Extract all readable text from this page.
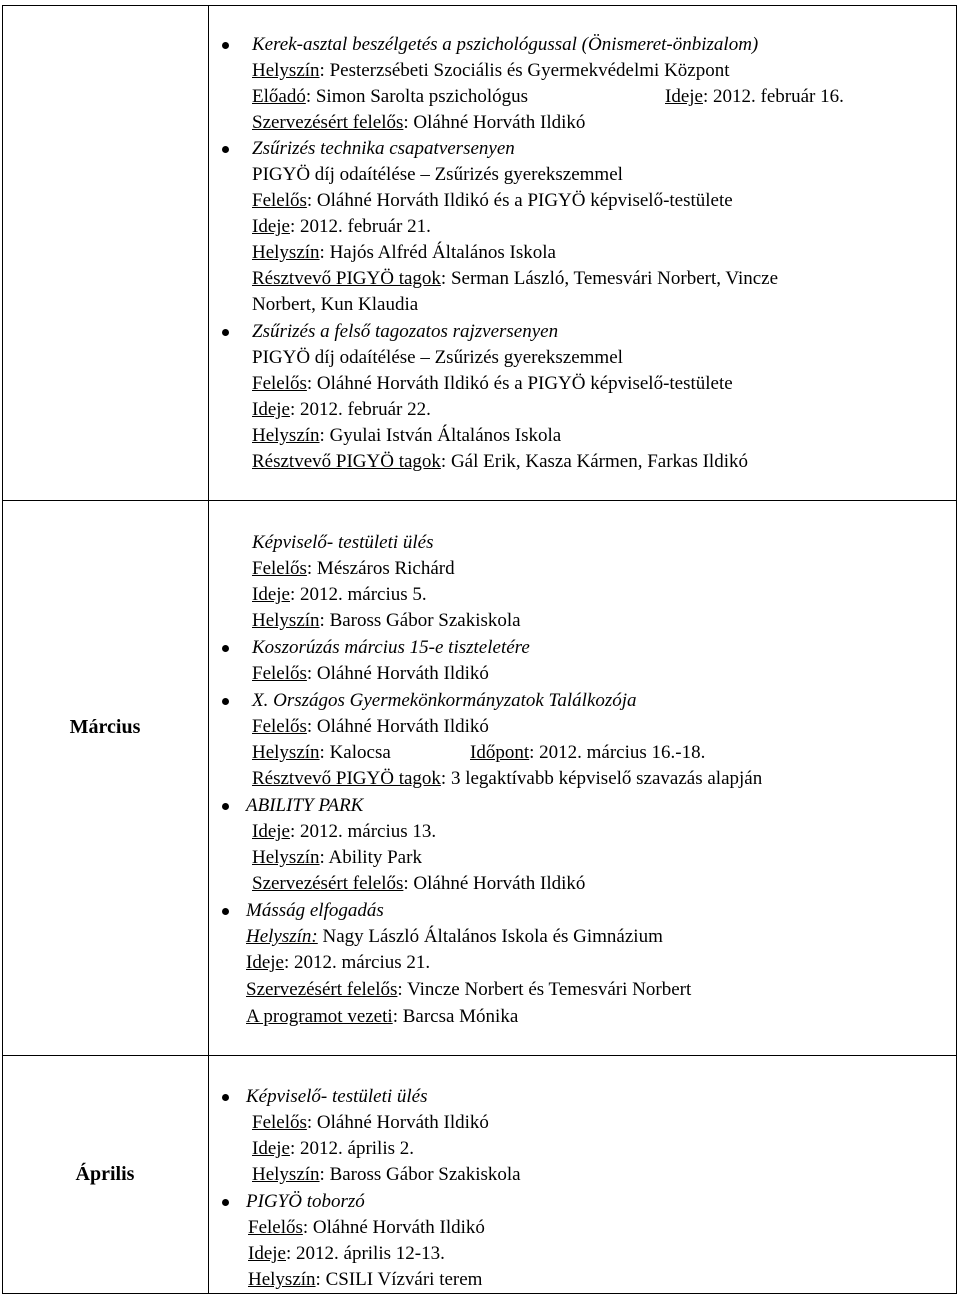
Március
Április
Kerek-asztal beszélgetés a pszichológussal (Önismeret-önbizalom)
Helyszín: Pesterzsébeti Szociális és Gyermekvédelmi Központ
Előadó: Simon Sarolta pszichológus	Ideje: 2012. február 16.
Szervezésért felelős: Oláhné Horváth Ildikó
Zsűrizés technika csapatversenyen
PIGYÖ díj odaítélése – Zsűrizés gyerekszemmel
Felelős: Oláhné Horváth Ildikó és a PIGYÖ képviselő-testülete
Ideje: 2012. február 21.
Helyszín: Hajós Alfréd Általános Iskola
Résztvevő PIGYÖ tagok: Serman László, Temesvári Norbert, Vincze
Norbert, Kun Klaudia
Zsűrizés a felső tagozatos rajzversenyen
PIGYÖ díj odaítélése – Zsűrizés gyerekszemmel
Felelős: Oláhné Horváth Ildikó és a PIGYÖ képviselő-testülete
Ideje: 2012. február 22.
Helyszín: Gyulai István Általános Iskola
Résztvevő PIGYÖ tagok: Gál Erik, Kasza Kármen, Farkas Ildikó
Képviselő- testületi ülés
Felelős: Mészáros Richárd
Ideje: 2012. március 5.
Helyszín: Baross Gábor Szakiskola
Koszorúzás március 15-e tiszteletére
Felelős: Oláhné Horváth Ildikó
X. Országos Gyermekönkormányzatok Találkozója
Felelős: Oláhné Horváth Ildikó
Helyszín: Kalocsa	Időpont: 2012. március 16.-18.
Résztvevő PIGYÖ tagok: 3 legaktívabb képviselő szavazás alapján
ABILITY PARK
Ideje: 2012. március 13.
Helyszín: Ability Park
Szervezésért felelős: Oláhné Horváth Ildikó
Másság elfogadás
Helyszín: Nagy László Általános Iskola és Gimnázium
Ideje: 2012. március 21.
Szervezésért felelős: Vincze Norbert és Temesvári Norbert
A programot vezeti: Barcsa Mónika
Képviselő- testületi ülés
Felelős: Oláhné Horváth Ildikó
Ideje: 2012. április 2.
Helyszín: Baross Gábor Szakiskola
PIGYÖ toborzó
Felelős: Oláhné Horváth Ildikó
Ideje: 2012. április 12-13.
Helyszín: CSILI Vízvári terem
